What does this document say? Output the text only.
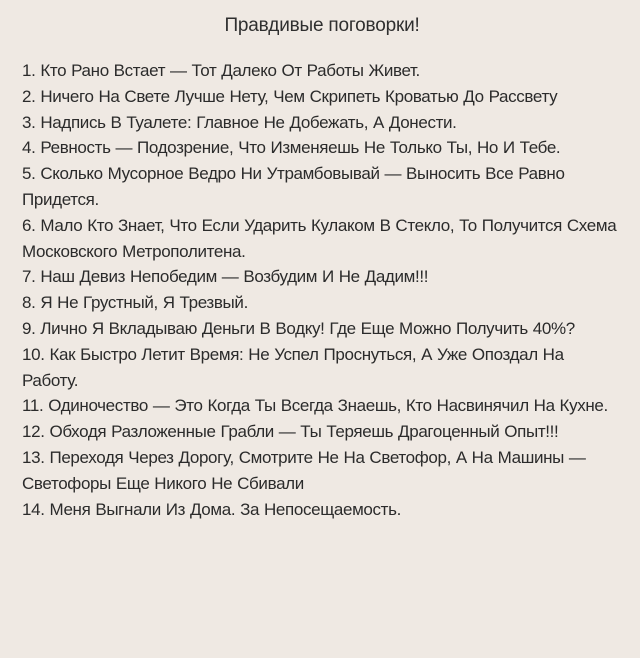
Правдивые поговорки!
1. Кто Рано Встает — Тот Далеко От Работы Живет.
2. Ничего На Свете Лучше Нету, Чем Скрипеть Кроватью До Рассвету
3. Надпись В Туалете: Главное Не Добежать, А Донести.
4. Ревность — Подозрение, Что Изменяешь Не Только Ты, Но И Тебе.
5. Сколько Мусорное Ведро Ни Утрамбовывай — Выносить Все Равно Придется.
6. Мало Кто Знает, Что Если Ударить Кулаком В Стекло, То Получится Схема Московского Метрополитена.
7. Наш Девиз Непобедим — Возбудим И Не Дадим!!!
8. Я Не Грустный, Я Трезвый.
9. Лично Я Вкладываю Деньги В Водку! Где Еще Можно Получить 40%?
10. Как Быстро Летит Время: Не Успел Проснуться, А Уже Опоздал На Работу.
11. Одиночество — Это Когда Ты Всегда Знаешь, Кто Насвинячил На Кухне.
12. Обходя Разложенные Грабли — Ты Теряешь Драгоценный Опыт!!!
13. Переходя Через Дорогу, Смотрите Не На Светофор, А На Машины — Светофоры Еще Никого Не Сбивали
14. Меня Выгнали Из Дома. За Непосещаемость.
